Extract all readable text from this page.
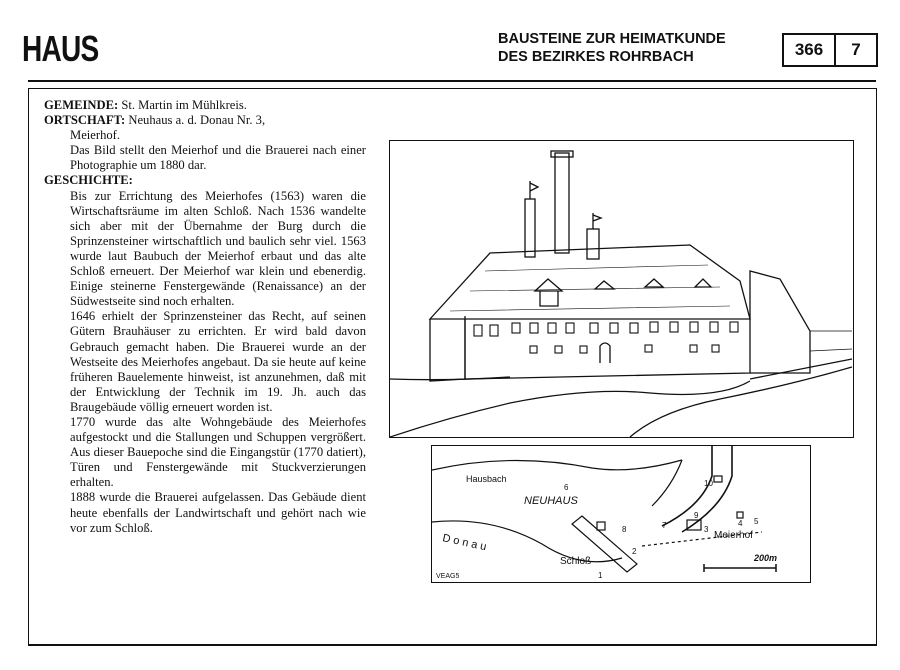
HAUS	BAUSTEINE ZUR HEIMATKUNDE
DES BEZIRKES ROHRBACH	366	7

GEMEINDE: St. Martin im Mühlkreis.

ORTSCHAFT: Neuhaus a. d. Donau Nr. 3,

Meierhof.

Das Bild stellt den Meierhof und die Brauerei nach einer Photographie um 1880 dar.

GESCHICHTE:

Bis zur Errichtung des Meierhofes (1563) waren die Wirtschaftsräume im alten Schloß. Nach 1536 wandelte sich aber mit der Übernahme der Burg durch die Sprinzensteiner wirtschaftlich und baulich sehr viel. 1563 wurde laut Baubuch der Meierhof erbaut und das alte Schloß erneuert. Der Meierhof war klein und ebenerdig. Einige steinerne Fenstergewände (Renaissance) an der Südwestseite sind noch erhalten.

1646 erhielt der Sprinzensteiner das Recht, auf seinen Gütern Brauhäuser zu errichten. Er wird bald davon Gebrauch gemacht haben. Die Brauerei wurde an der Westseite des Meierhofes angebaut. Da sie heute auf keine früheren Bauelemente hinweist, ist anzunehmen, daß mit der Entwicklung der Technik im 19. Jh. auch das Braugebäude völlig erneuert worden ist.

1770 wurde das alte Wohngebäude des Meierhofes aufgestockt und die Stallungen und Schuppen vergrößert. Aus dieser Bauepoche sind die Eingangstür (1770 datiert), Türen und Fenstergewände mit Stuckverzierungen erhalten.

1888 wurde die Brauerei aufgelassen. Das Gebäude dient heute ebenfalls der Landwirtschaft und gehört nach wie vor zum Schloß.

Hausbach
NEUHAUS
D o n a u
Schloß
Meierhof
200m
VEAG5	1
2
3
4 5
6
7
8
9
10
